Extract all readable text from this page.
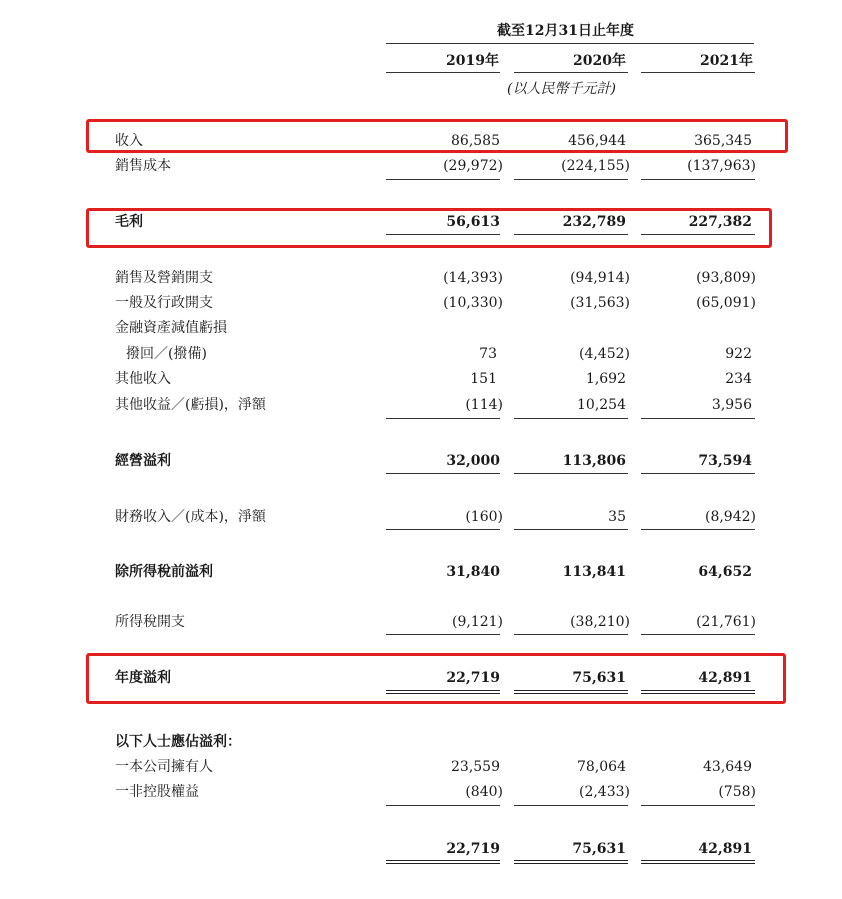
截至12月31日止年度
2019年	2020年	2021年
(以人民幣千元計)
收入	86,585	456,944	365,345
銷售成本	(29,972)	(224,155)	(137,963)
毛利	56,613	232,789	227,382
銷售及營銷開支	(14,393)	(94,914)	(93,809)
一般及行政開支	(10,330)	(31,563)	(65,091)
金融資產減值虧損
撥回／(撥備)	73	(4,452)	922
其他收入	151	1,692	234
其他收益／(虧損)，淨額	(114)	10,254	3,956
經營溢利	32,000	113,806	73,594
財務收入／(成本)，淨額	(160)	35	(8,942)
除所得稅前溢利	31,840	113,841	64,652
所得稅開支	(9,121)	(38,210)	(21,761)
年度溢利	22,719	75,631	42,891
以下人士應佔溢利：
一本公司擁有人	23,559	78,064	43,649
一非控股權益	(840)	(2,433)	(758)
22,719	75,631	42,891
